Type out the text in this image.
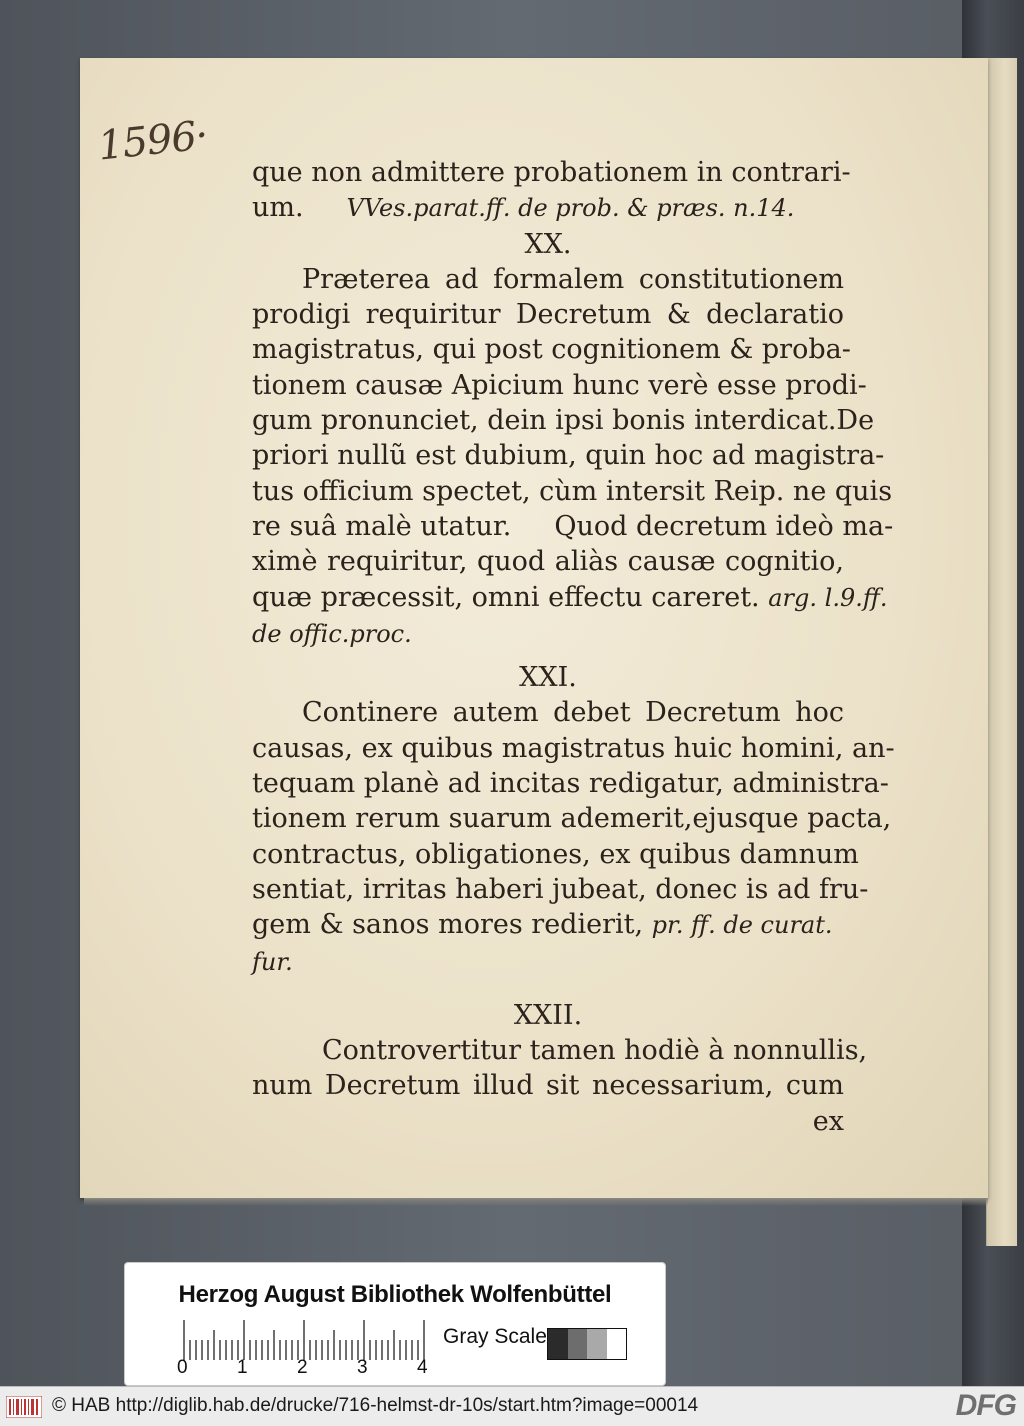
1596·
que non admittere probationem in contrari-
um. VVes.parat.ff. de prob. & præs. n.14.
XX.
Præterea ad formalem constitutionem
prodigi requiritur Decretum & declaratio
magistratus, qui post cognitionem & proba-
tionem causæ Apicium hunc verè esse prodi-
gum pronunciet, dein ipsi bonis interdicat.De
priori nullũ est dubium, quin hoc ad magistra-
tus officium spectet, cùm intersit Reip. ne quis
re suâ malè utatur. Quod decretum ideò ma-
ximè requiritur, quod aliàs causæ cognitio,
quæ præcessit, omni effectu careret. arg. l.9.ff.
de offic.proc.
XXI.
Continere autem debet Decretum hoc
causas, ex quibus magistratus huic homini, an-
tequam planè ad incitas redigatur, administra-
tionem rerum suarum ademerit,ejusque pacta,
contractus, obligationes, ex quibus damnum
sentiat, irritas haberi jubeat, donec is ad fru-
gem & sanos mores redierit, pr. ff. de curat.
fur.
XXII.
Controvertitur tamen hodiè à nonnullis,
num Decretum illud sit necessarium, cum
ex
Herzog August Bibliothek Wolfenbüttel
0	1	2	3	4
Gray Scale
© HAB http://diglib.hab.de/drucke/716-helmst-dr-10s/start.htm?image=00014	DFG
